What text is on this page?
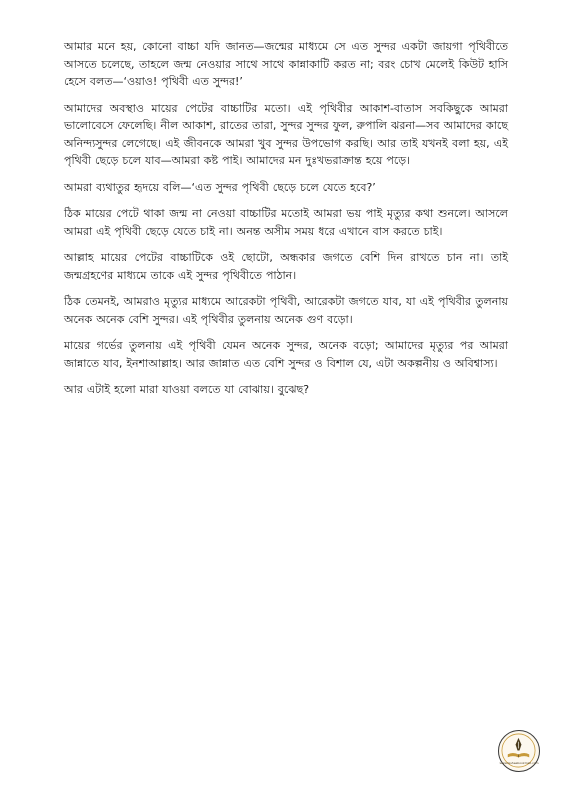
আমার মনে হয়, কোনো বাচ্চা যদি জানত—জন্মের মাধ্যমে সে এত সুন্দর একটা জায়গা পৃথিবীতে আসতে চলেছে, তাহলে জন্ম নেওয়ার সাথে সাথে কান্নাকাটি করত না; বরং চোখ মেলেই কিউট হাসি হেসে বলত—‘ওয়াও! পৃথিবী এত সুন্দর!’

আমাদের অবস্থাও মায়ের পেটের বাচ্চাটির মতো। এই পৃথিবীর আকাশ-বাতাস সবকিছুকে আমরা ভালোবেসে ফেলেছি। নীল আকাশ, রাতের তারা, সুন্দর সুন্দর ফুল, রুপালি ঝরনা—সব আমাদের কাছে অনিন্দ্যসুন্দর লেগেছে। এই জীবনকে আমরা খুব সুন্দর উপভোগ করছি। আর তাই যখনই বলা হয়, এই পৃথিবী ছেড়ে চলে যাব—আমরা কষ্ট পাই। আমাদের মন দুঃখভরাক্রান্ত হয়ে পড়ে।

আমরা ব্যথাতুর হৃদয়ে বলি—‘এত সুন্দর পৃথিবী ছেড়ে চলে যেতে হবে?’

ঠিক মায়ের পেটে থাকা জন্ম না নেওয়া বাচ্চাটির মতোই আমরা ভয় পাই মৃত্যুর কথা শুনলে। আসলে আমরা এই পৃথিবী ছেড়ে যেতে চাই না। অনন্ত অসীম সময় ধরে এখানে বাস করতে চাই।

আল্লাহ মায়ের পেটের বাচ্চাটিকে ওই ছোটো, অন্ধকার জগতে বেশি দিন রাখতে চান না। তাই জন্মগ্রহণের মাধ্যমে তাকে এই সুন্দর পৃথিবীতে পাঠান।

ঠিক তেমনই, আমরাও মৃত্যুর মাধ্যমে আরেকটা পৃথিবী, আরেকটা জগতে যাব, যা এই পৃথিবীর তুলনায় অনেক অনেক বেশি সুন্দর। এই পৃথিবীর তুলনায় অনেক গুণ বড়ো।

মায়ের গর্ভের তুলনায় এই পৃথিবী যেমন অনেক সুন্দর, অনেক বড়ো; আমাদের মৃত্যুর পর আমরা জান্নাতে যাব, ইনশাআল্লাহ। আর জান্নাত এত বেশি সুন্দর ও বিশাল যে, এটা অকল্পনীয় ও অবিশ্বাস্য।

আর এটাই হলো মারা যাওয়া বলতে যা বোঝায়। বুঝেছ?

www.bisheebookmall.com
